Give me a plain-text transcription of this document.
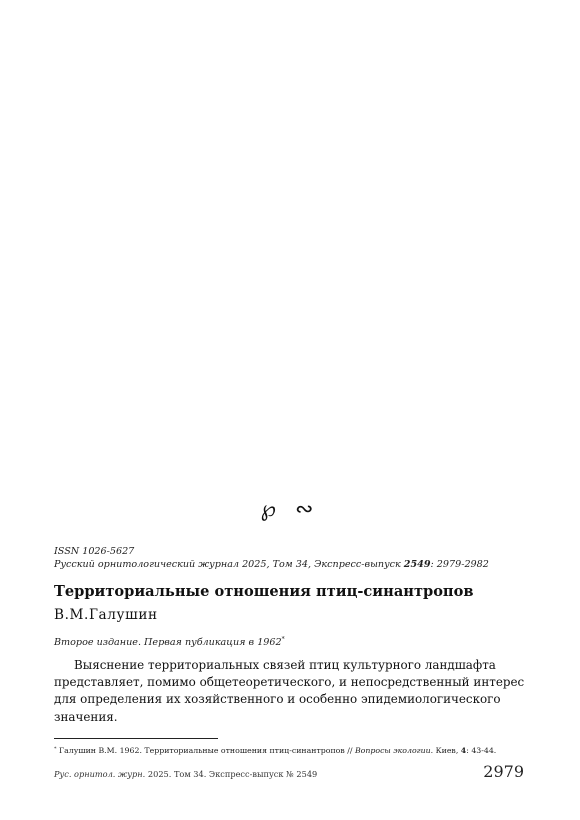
℘ ∾
ISSN 1026-5627
Русский орнитологический журнал 2025, Том 34, Экспресс-выпуск 2549: 2979-2982
Территориальные отношения птиц-синантропов
В.М.Галушин
Второе издание. Первая публикация в 1962*
Выяснение территориальных связей птиц культурного ландшафта
представляет, помимо общетеоретического, и непосредственный интерес
для определения их хозяйственного и особенно эпидемиологического
значения.
* Галушин В.М. 1962. Территориальные отношения птиц-синантропов // Вопросы экологии. Киев, 4: 43-44.
Рус. орнитол. журн. 2025. Том 34. Экспресс-выпуск № 2549	2979
